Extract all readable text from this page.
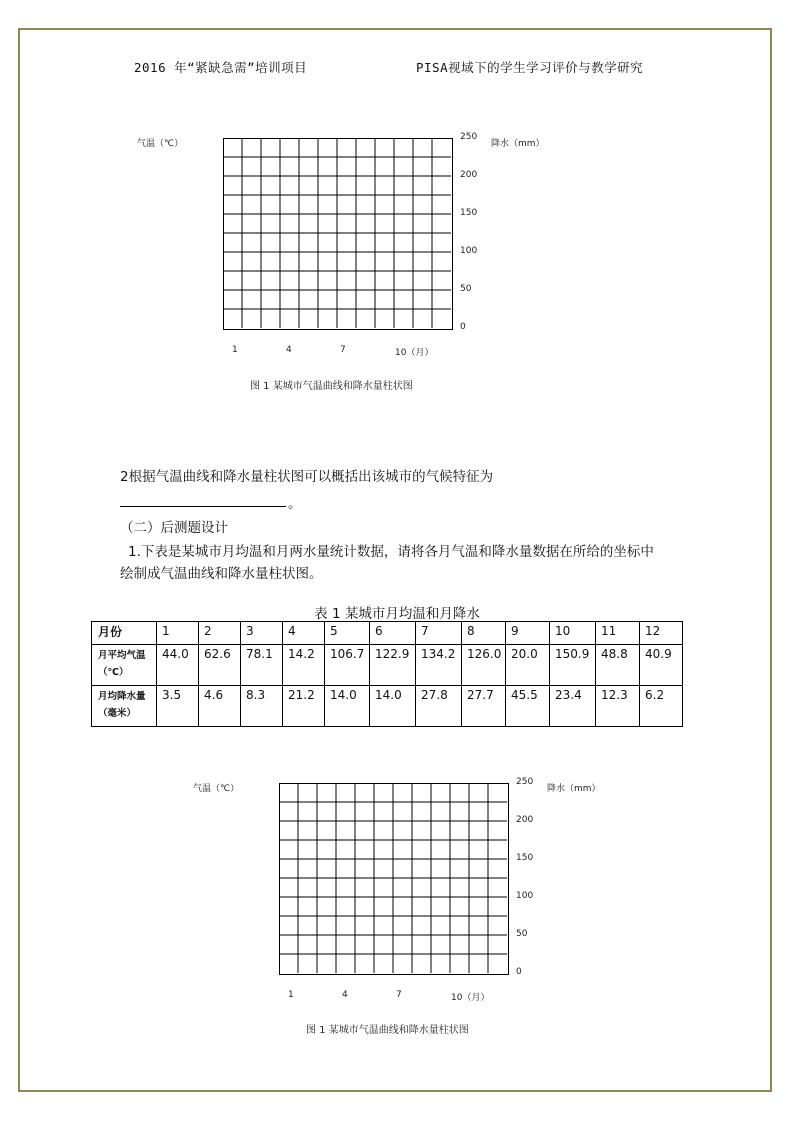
2016 年“紧缺急需”培训项目	PISA视域下的学生学习评价与教学研究
气温（℃）	降水（mm）
图 1 某城市气温曲线和降水量柱状图
250
200
150
100
50
0
1	4	7	10（月）
气温（℃）	降水（mm）
图 1 某城市气温曲线和降水量柱状图
250
200
150
100
50
0
1	4	7	10（月）
2根据气温曲线和降水量柱状图可以概括出该城市的气候特征为
。
（二）后测题设计
1.下表是某城市月均温和月两水量统计数据，请将各月气温和降水量数据在所给的坐标中
绘制成气温曲线和降水量柱状图。
表 1 某城市月均温和月降水
月份	1	2	3	4	5	6	7	8	9	10	11	12
月平均气温
（℃）	44.0	62.6	78.1	14.2	106.7	122.9	134.2	126.0	20.0	150.9	48.8	40.9
月均降水量
（毫米）	3.5	4.6	8.3	21.2	14.0	14.0	27.8	27.7	45.5	23.4	12.3	6.2
